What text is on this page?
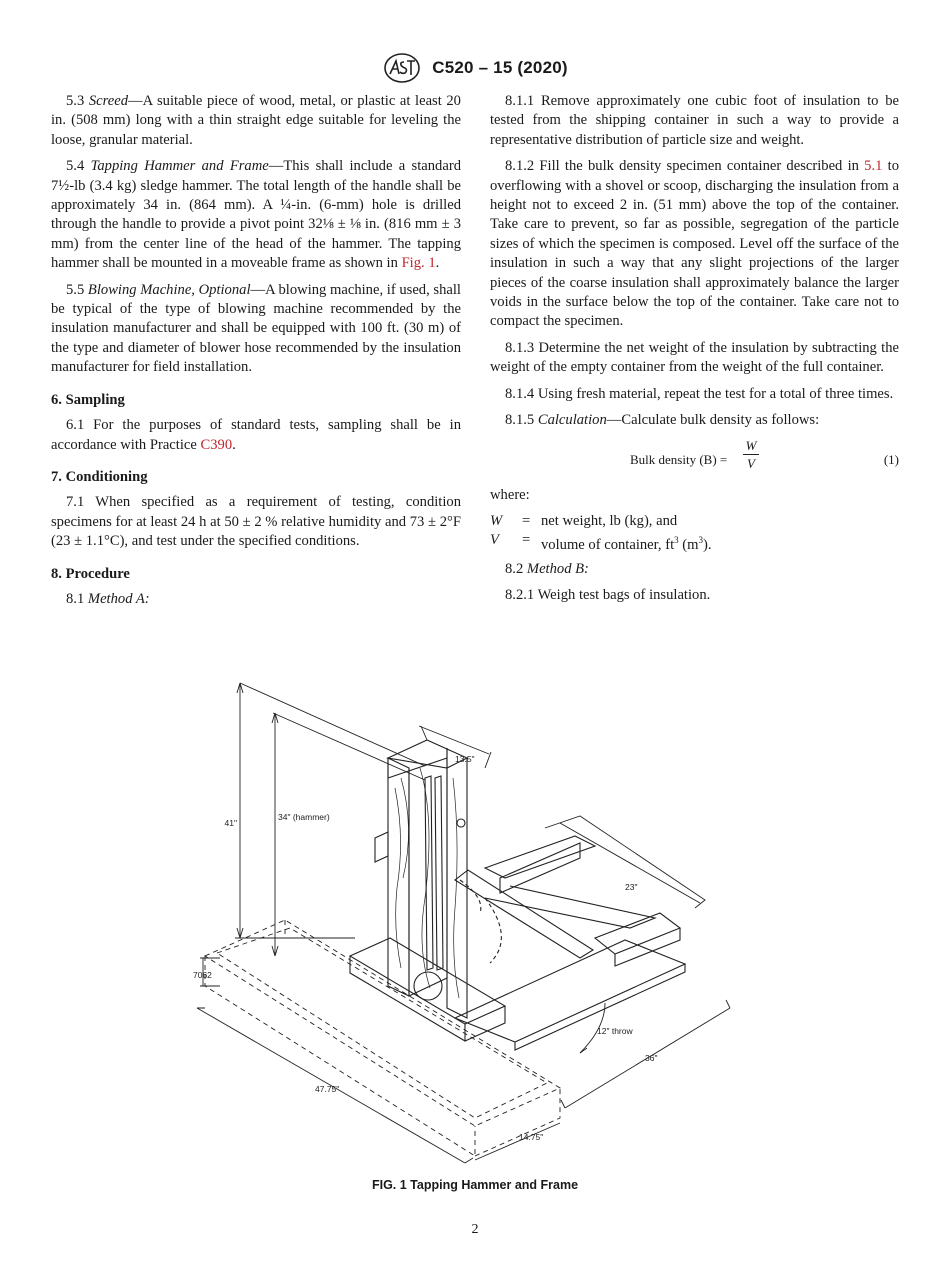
C520 – 15 (2020)

5.3 Screed—A suitable piece of wood, metal, or plastic at least 20 in. (508 mm) long with a thin straight edge suitable for leveling the loose, granular material.

5.4 Tapping Hammer and Frame—This shall include a standard 7½-lb (3.4 kg) sledge hammer. The total length of the handle shall be approximately 34 in. (864 mm). A ¼-in. (6-mm) hole is drilled through the handle to provide a pivot point 32⅛ ± ⅛ in. (816 mm ± 3 mm) from the center line of the head of the hammer. The tapping hammer shall be mounted in a moveable frame as shown in Fig. 1.

5.5 Blowing Machine, Optional—A blowing machine, if used, shall be typical of the type of blowing machine recommended by the insulation manufacturer and shall be equipped with 100 ft. (30 m) of the type and diameter of blower hose recommended by the insulation manufacturer for field installation.

6. Sampling

6.1 For the purposes of standard tests, sampling shall be in accordance with Practice C390.

7. Conditioning

7.1 When specified as a requirement of testing, condition specimens for at least 24 h at 50 ± 2 % relative humidity and 73 ± 2°F (23 ± 1.1°C), and test under the specified conditions.

8. Procedure

8.1 Method A:

8.1.1 Remove approximately one cubic foot of insulation to be tested from the shipping container in such a way to provide a representative distribution of particle size and weight.

8.1.2 Fill the bulk density specimen container described in 5.1 to overflowing with a shovel or scoop, discharging the insulation from a height not to exceed 2 in. (51 mm) above the top of the container. Take care to prevent, so far as possible, segregation of the particle sizes of which the specimen is composed. Level off the surface of the insulation in such a way that any slight projections of the larger pieces of the coarse insulation shall approximately balance the larger voids in the surface below the top of the container. Take care not to compact the specimen.

8.1.3 Determine the net weight of the insulation by subtracting the weight of the empty container from the weight of the full container.

8.1.4 Using fresh material, repeat the test for a total of three times.

8.1.5 Calculation—Calculate bulk density as follows:

Bulk density (B) =
W
V	(1)

where:

W = net weight, lb (kg), and
V = volume of container, $ft^3$ $(m^3)$.

8.2 Method B:

8.2.1 Weigh test bags of insulation.

41"
34" (hammer)
13.5"
23"
7062
12" throw
36"
47.75"
14.75"
FIG. 1 Tapping Hammer and Frame
2
